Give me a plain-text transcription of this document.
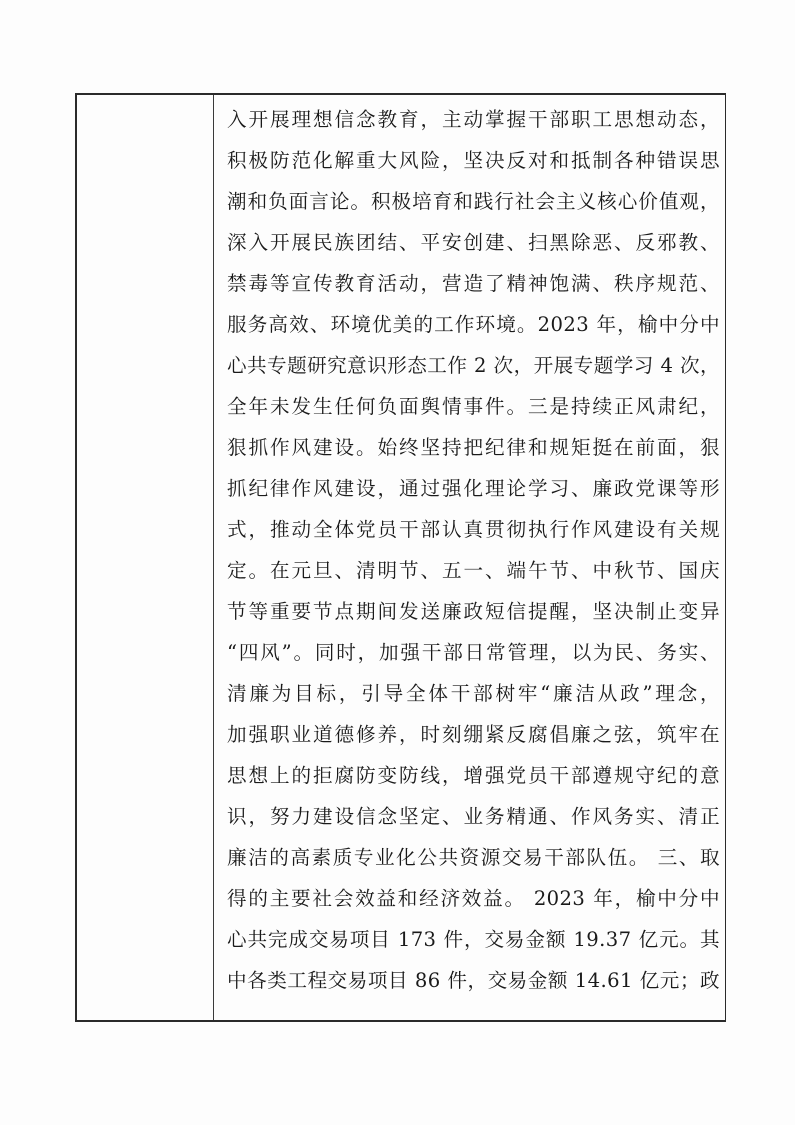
入开展理想信念教育，主动掌握干部职工思想动态，
积极防范化解重大风险，坚决反对和抵制各种错误思
潮和负面言论。积极培育和践行社会主义核心价值观，
深入开展民族团结、平安创建、扫黑除恶、反邪教、
禁毒等宣传教育活动，营造了精神饱满、秩序规范、
服务高效、环境优美的工作环境。2023 年，榆中分中
心共专题研究意识形态工作 2 次，开展专题学习 4 次，
全年未发生任何负面舆情事件。三是持续正风肃纪，
狠抓作风建设。始终坚持把纪律和规矩挺在前面，狠
抓纪律作风建设，通过强化理论学习、廉政党课等形
式，推动全体党员干部认真贯彻执行作风建设有关规
定。在元旦、清明节、五一、端午节、中秋节、国庆
节等重要节点期间发送廉政短信提醒，坚决制止变异
“四风”。同时，加强干部日常管理，以为民、务实、
清廉为目标，引导全体干部树牢“廉洁从政”理念，
加强职业道德修养，时刻绷紧反腐倡廉之弦，筑牢在
思想上的拒腐防变防线，增强党员干部遵规守纪的意
识，努力建设信念坚定、业务精通、作风务实、清正
廉洁的高素质专业化公共资源交易干部队伍。 三、取
得的主要社会效益和经济效益。 2023 年，榆中分中
心共完成交易项目 173 件，交易金额 19.37 亿元。其
中各类工程交易项目 86 件，交易金额 14.61 亿元；政
